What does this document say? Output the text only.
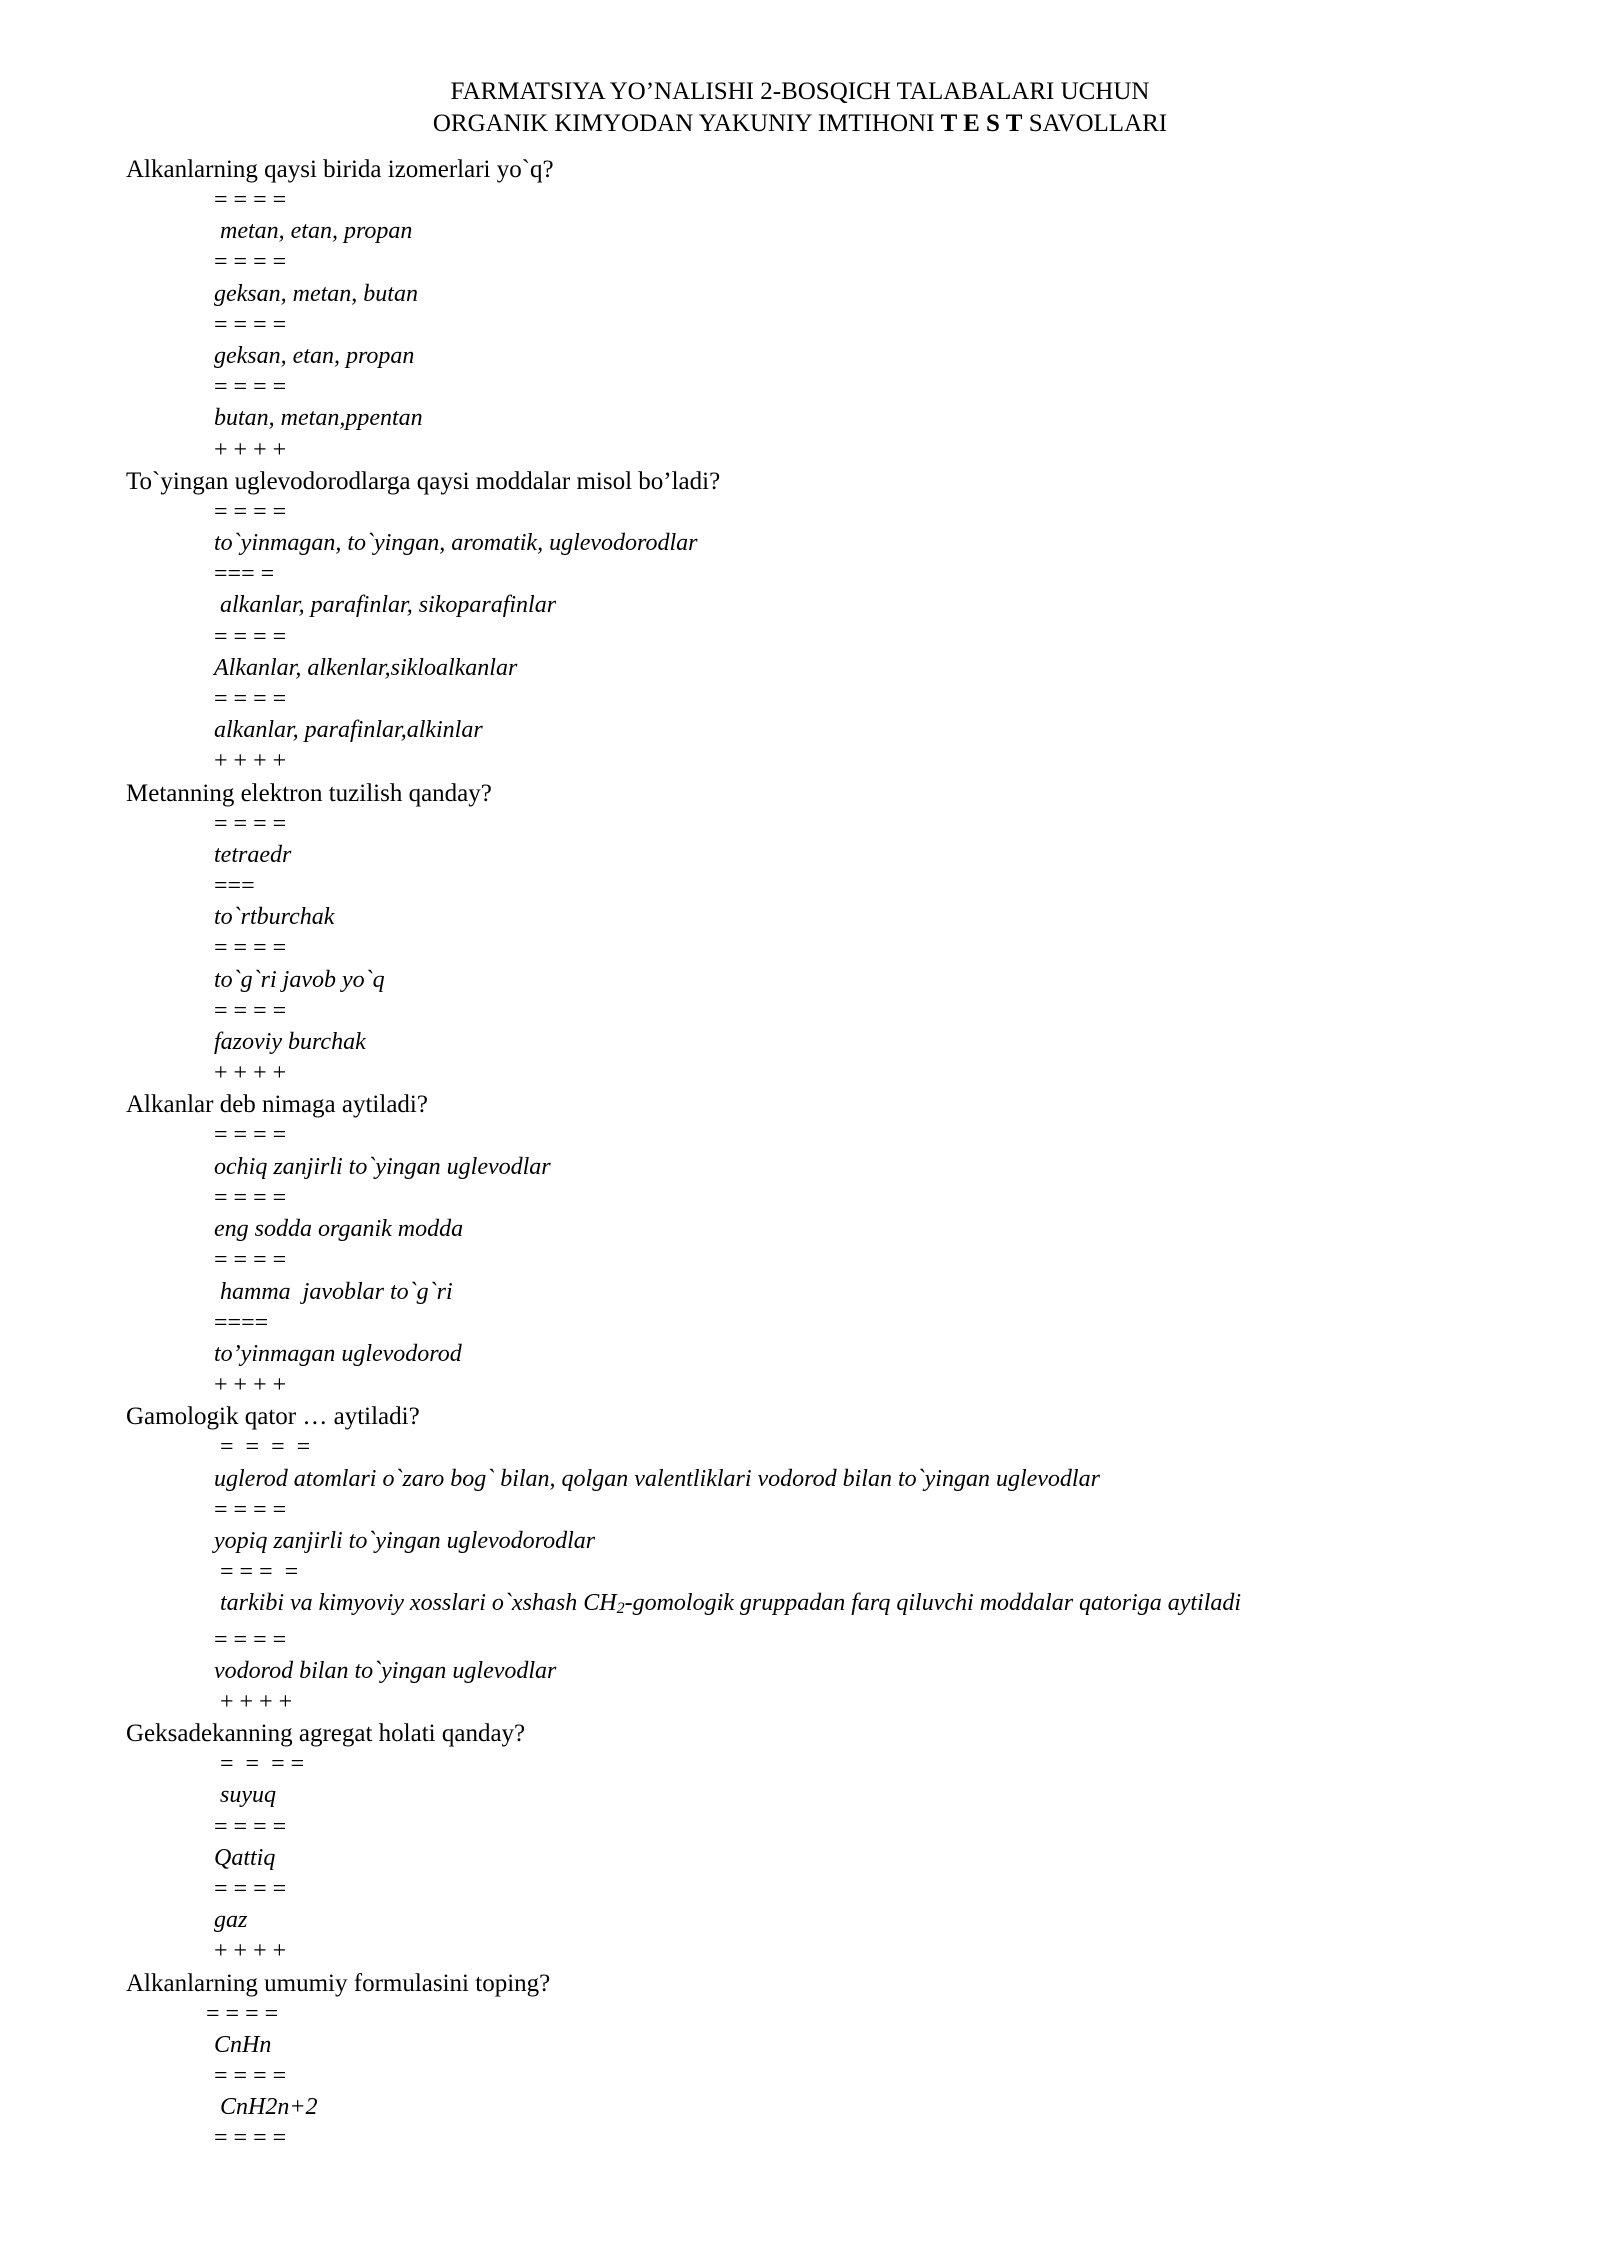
FARMATSIYA YO’NALISHI 2-BOSQICH TALABALARI UCHUN
ORGANIK KIMYODAN YAKUNIY IMTIHONI T E S T SAVOLLARI
Alkanlarning qaysi birida izomerlari yo`q?
= = = =
metan, etan, propan
= = = =
geksan, metan, butan
= = = =
geksan, etan, propan
= = = =
butan, metan,ppentan
+ + + +
To`yingan uglevodorodlarga qaysi moddalar misol bo’ladi?
= = = =
to`yinmagan, to`yingan, aromatik, uglevodorodlar
=== =
alkanlar, parafinlar, sikoparafinlar
= = = =
Alkanlar, alkenlar,sikloalkanlar
= = = =
alkanlar, parafinlar,alkinlar
+ + + +
Metanning elektron tuzilish qanday?
= = = =
tetraedr
===
to`rtburchak
= = = =
to`g`ri javob yo`q
= = = =
fazoviy burchak
+ + + +
Alkanlar deb nimaga aytiladi?
= = = =
ochiq zanjirli to`yingan uglevodlar
= = = =
eng sodda organik modda
= = = =
hamma  javoblar to`g`ri
====
to’yinmagan uglevodorod
+ + + +
Gamologik qator … aytiladi?
=  =  =  =
uglerod atomlari o`zaro bog` bilan, qolgan valentliklari vodorod bilan to`yingan uglevodlar
= = = =
yopiq zanjirli to`yingan uglevodorodlar
= = =  =
tarkibi va kimyoviy xosslari o`xshash CH2-gomologik gruppadan farq qiluvchi moddalar qatoriga aytiladi
= = = =
vodorod bilan to`yingan uglevodlar
+ + + +
Geksadekanning agregat holati qanday?
=  =  = =
suyuq
= = = =
Qattiq
= = = =
gaz
+ + + +
Alkanlarning umumiy formulasini toping?
= = = =
CnHn
= = = =
CnH2n+2
= = = =
